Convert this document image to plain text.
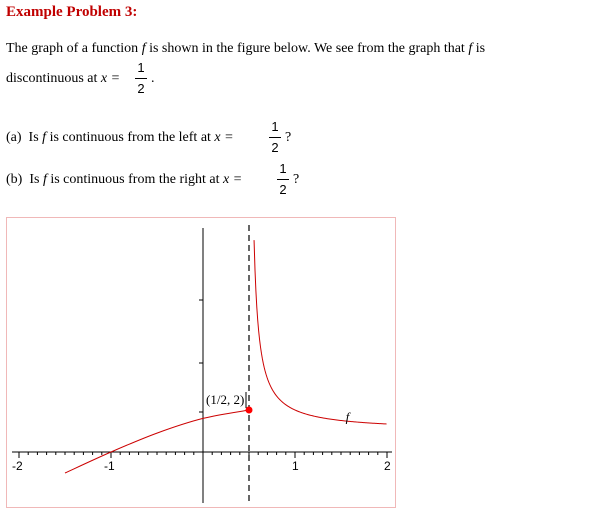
Example Problem 3:
The graph of a function f is shown in the figure below. We see from the graph that f is
discontinuous at x =
1
2
.
(a) Is f is continuous from the left at x =
1
2
?
(b) Is f is continuous from the right at x =
1
2
?
-2	-1	1	2
(1/2, 2)
f
